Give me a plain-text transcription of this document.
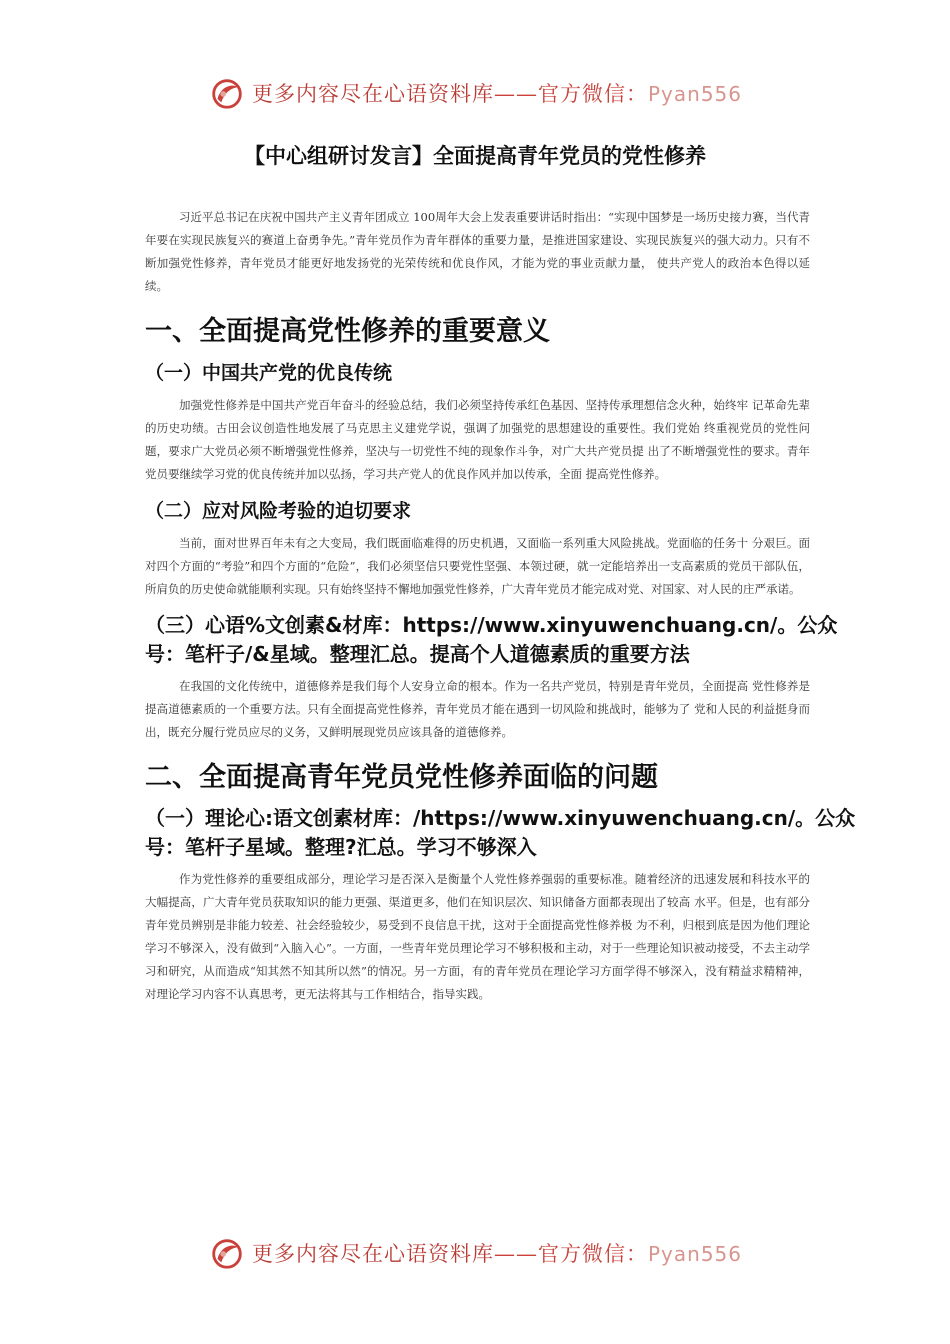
更多内容尽在心语资料库——官方微信：Pyan556
【中心组研讨发言】全面提高青年党员的党性修养

习近平总书记在庆祝中国共产主义青年团成立 100周年大会上发表重要讲话时指出：“实现中国梦是一场历史接力赛，当代青年要在实现民族复兴的赛道上奋勇争先。”青年党员作为青年群体的重要力量，是推进国家建设、实现民族复兴的强大动力。只有不断加强党性修养，青年党员才能更好地发扬党的光荣传统和优良作风，才能为党的事业贡献力量， 使共产党人的政治本色得以延续。

一、全面提高党性修养的重要意义
（一）中国共产党的优良传统

加强党性修养是中国共产党百年奋斗的经验总结，我们必须坚持传承红色基因、坚持传承理想信念火种，始终牢 记革命先辈的历史功绩。古田会议创造性地发展了马克思主义建党学说，强调了加强党的思想建设的重要性。我们党始 终重视党员的党性问题，要求广大党员必须不断增强党性修养，坚决与一切党性不纯的现象作斗争，对广大共产党员提 出了不断增强党性的要求。青年党员要继续学习党的优良传统并加以弘扬，学习共产党人的优良作风并加以传承，全面 提高党性修养。

（二）应对风险考验的迫切要求

当前，面对世界百年未有之大变局，我们既面临难得的历史机遇，又面临一系列重大风险挑战。党面临的任务十 分艰巨。面对四个方面的“考验”和四个方面的“危险”，我们必须坚信只要党性坚强、本领过硬，就一定能培养出一支高素质的党员干部队伍，所肩负的历史使命就能顺利实现。只有始终坚持不懈地加强党性修养，广大青年党员才能完成对党、对国家、对人民的庄严承诺。

（三）心语%文创素&材库：https://www.xinyuwenchuang.cn/。公众号：笔杆子/&星域。整理汇总。提高个人道德素质的重要方法

在我国的文化传统中，道德修养是我们每个人安身立命的根本。作为一名共产党员，特别是青年党员，全面提高 党性修养是提高道德素质的一个重要方法。只有全面提高党性修养，青年党员才能在遇到一切风险和挑战时，能够为了 党和人民的利益挺身而出，既充分履行党员应尽的义务，又鲜明展现党员应该具备的道德修养。

二、全面提高青年党员党性修养面临的问题
（一）理论心:语文创素材库：/https://www.xinyuwenchuang.cn/。公众号：笔杆子星域。整理?汇总。学习不够深入

作为党性修养的重要组成部分，理论学习是否深入是衡量个人党性修养强弱的重要标准。随着经济的迅速发展和科技水平的大幅提高，广大青年党员获取知识的能力更强、渠道更多，他们在知识层次、知识储备方面都表现出了较高 水平。但是，也有部分青年党员辨别是非能力较差、社会经验较少，易受到不良信息干扰，这对于全面提高党性修养极 为不利，归根到底是因为他们理论学习不够深入，没有做到“入脑入心”。一方面，一些青年党员理论学习不够积极和主动，对于一些理论知识被动接受，不去主动学习和研究，从而造成“知其然不知其所以然”的情况。另一方面，有的青年党员在理论学习方面学得不够深入，没有精益求精精神，对理论学习内容不认真思考，更无法将其与工作相结合，指导实践。

更多内容尽在心语资料库——官方微信：Pyan556
